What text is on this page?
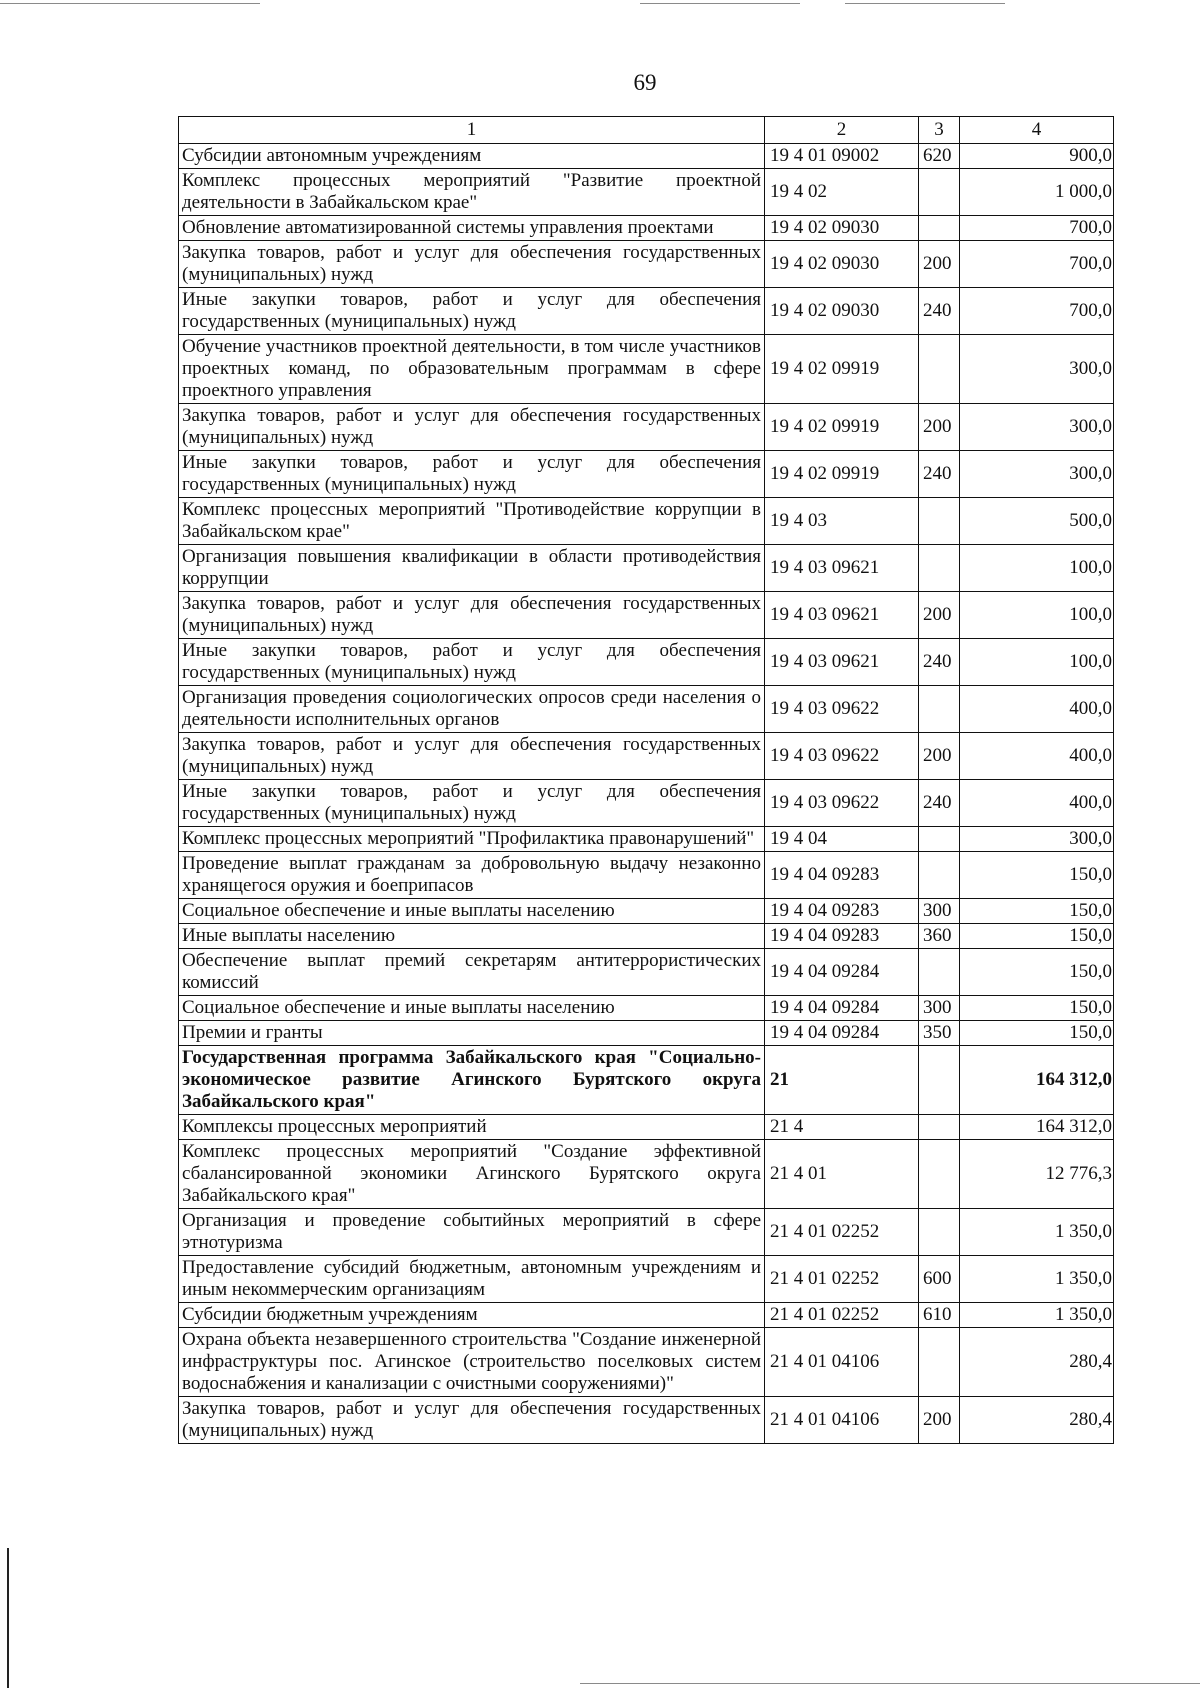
69
1	2	3	4
Субсидии автономным учреждениям	19 4 01 09002	620	900,0
Комплекс процессных мероприятий "Развитие проектной деятельности в Забайкальском крае"	19 4 02		1 000,0
Обновление автоматизированной системы управления проектами	19 4 02 09030		700,0
Закупка товаров, работ и услуг для обеспечения государственных (муниципальных) нужд	19 4 02 09030	200	700,0
Иные закупки товаров, работ и услуг для обеспечения государственных (муниципальных) нужд	19 4 02 09030	240	700,0
Обучение участников проектной деятельности, в том числе участников проектных команд, по образовательным программам в сфере проектного управления	19 4 02 09919		300,0
Закупка товаров, работ и услуг для обеспечения государственных (муниципальных) нужд	19 4 02 09919	200	300,0
Иные закупки товаров, работ и услуг для обеспечения государственных (муниципальных) нужд	19 4 02 09919	240	300,0
Комплекс процессных мероприятий "Противодействие коррупции в Забайкальском крае"	19 4 03		500,0
Организация повышения квалификации в области противодействия коррупции	19 4 03 09621		100,0
Закупка товаров, работ и услуг для обеспечения государственных (муниципальных) нужд	19 4 03 09621	200	100,0
Иные закупки товаров, работ и услуг для обеспечения государственных (муниципальных) нужд	19 4 03 09621	240	100,0
Организация проведения социологических опросов среди населения о деятельности исполнительных органов	19 4 03 09622		400,0
Закупка товаров, работ и услуг для обеспечения государственных (муниципальных) нужд	19 4 03 09622	200	400,0
Иные закупки товаров, работ и услуг для обеспечения государственных (муниципальных) нужд	19 4 03 09622	240	400,0
Комплекс процессных мероприятий "Профилактика правонарушений"	19 4 04		300,0
Проведение выплат гражданам за добровольную выдачу незаконно хранящегося оружия и боеприпасов	19 4 04 09283		150,0
Социальное обеспечение и иные выплаты населению	19 4 04 09283	300	150,0
Иные выплаты населению	19 4 04 09283	360	150,0
Обеспечение выплат премий секретарям антитеррористических комиссий	19 4 04 09284		150,0
Социальное обеспечение и иные выплаты населению	19 4 04 09284	300	150,0
Премии и гранты	19 4 04 09284	350	150,0
Государственная программа Забайкальского края "Социально-экономическое развитие Агинского Бурятского округа Забайкальского края"	21		164 312,0
Комплексы процессных мероприятий	21 4		164 312,0
Комплекс процессных мероприятий "Создание эффективной сбалансированной экономики Агинского Бурятского округа Забайкальского края"	21 4 01		12 776,3
Организация и проведение событийных мероприятий в сфере этнотуризма	21 4 01 02252		1 350,0
Предоставление субсидий бюджетным, автономным учреждениям и иным некоммерческим организациям	21 4 01 02252	600	1 350,0
Субсидии бюджетным учреждениям	21 4 01 02252	610	1 350,0
Охрана объекта незавершенного строительства "Создание инженерной инфраструктуры пос. Агинское (строительство поселковых систем водоснабжения и канализации с очистными сооружениями)"	21 4 01 04106		280,4
Закупка товаров, работ и услуг для обеспечения государственных (муниципальных) нужд	21 4 01 04106	200	280,4
